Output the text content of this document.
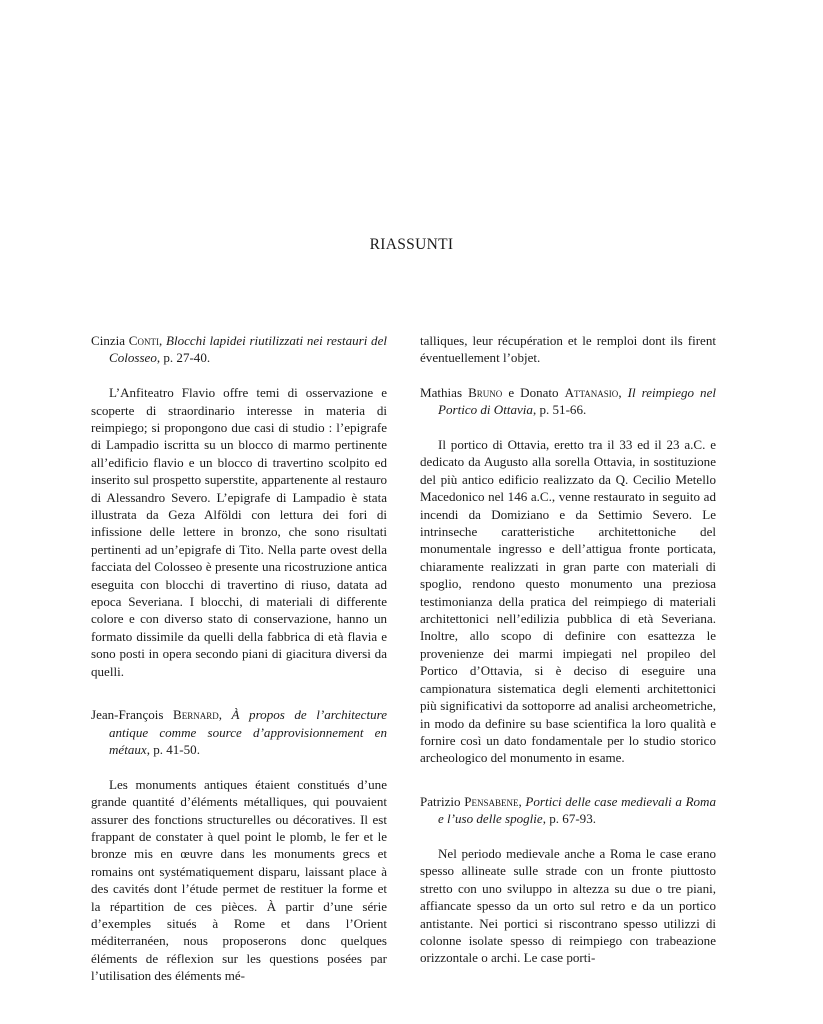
RIASSUNTI

Cinzia Conti, Blocchi lapidei riutilizzati nei restauri del Colosseo, p. 27-40.

L’Anfiteatro Flavio offre temi di osservazione e scoperte di straordinario interesse in materia di reimpiego; si propongono due casi di studio : l’epigrafe di Lampadio iscritta su un blocco di marmo pertinente all’edificio flavio e un blocco di travertino scolpito ed inserito sul prospetto superstite, appartenente al restauro di Alessandro Severo. L’epigrafe di Lampadio è stata illustrata da Geza Alföldi con lettura dei fori di infissione delle lettere in bronzo, che sono risultati pertinenti ad un’epigrafe di Tito. Nella parte ovest della facciata del Colosseo è presente una ricostruzione antica eseguita con blocchi di travertino di riuso, datata ad epoca Severiana. I blocchi, di materiali di differente colore e con diverso stato di conservazione, hanno un formato dissimile da quelli della fabbrica di età flavia e sono posti in opera secondo piani di giacitura diversi da quelli.

Jean-François Bernard, À propos de l’architecture antique comme source d’approvisionnement en métaux, p. 41-50.

Les monuments antiques étaient constitués d’une grande quantité d’éléments métalliques, qui pouvaient assurer des fonctions structurelles ou décoratives. Il est frappant de constater à quel point le plomb, le fer et le bronze mis en œuvre dans les monuments grecs et romains ont systématiquement disparu, laissant place à des cavités dont l’étude permet de restituer la forme et la répartition de ces pièces. À partir d’une série d’exemples situés à Rome et dans l’Orient méditerranéen, nous proposerons donc quelques éléments de réflexion sur les questions posées par l’utilisation des éléments mé-

talliques, leur récupération et le remploi dont ils firent éventuellement l’objet.

Mathias Bruno e Donato Attanasio, Il reimpiego nel Portico di Ottavia, p. 51-66.

Il portico di Ottavia, eretto tra il 33 ed il 23 a.C. e dedicato da Augusto alla sorella Ottavia, in sostituzione del più antico edificio realizzato da Q. Cecilio Metello Macedonico nel 146 a.C., venne restaurato in seguito ad incendi da Domiziano e da Settimio Severo. Le intrinseche caratteristiche architettoniche del monumentale ingresso e dell’attigua fronte porticata, chiaramente realizzati in gran parte con materiali di spoglio, rendono questo monumento una preziosa testimonianza della pratica del reimpiego di materiali architettonici nell’edilizia pubblica di età Severiana. Inoltre, allo scopo di definire con esattezza le provenienze dei marmi impiegati nel propileo del Portico d’Ottavia, si è deciso di eseguire una campionatura sistematica degli elementi architettonici più significativi da sottoporre ad analisi archeometriche, in modo da definire su base scientifica la loro qualità e fornire così un dato fondamentale per lo studio storico archeologico del monumento in esame.

Patrizio Pensabene, Portici delle case medievali a Roma e l’uso delle spoglie, p. 67-93.

Nel periodo medievale anche a Roma le case erano spesso allineate sulle strade con un fronte piuttosto stretto con uno sviluppo in altezza su due o tre piani, affiancate spesso da un orto sul retro e da un portico antistante. Nei portici si riscontrano spesso utilizzi di colonne isolate spesso di reimpiego con trabeazione orizzontale o archi. Le case porti-
